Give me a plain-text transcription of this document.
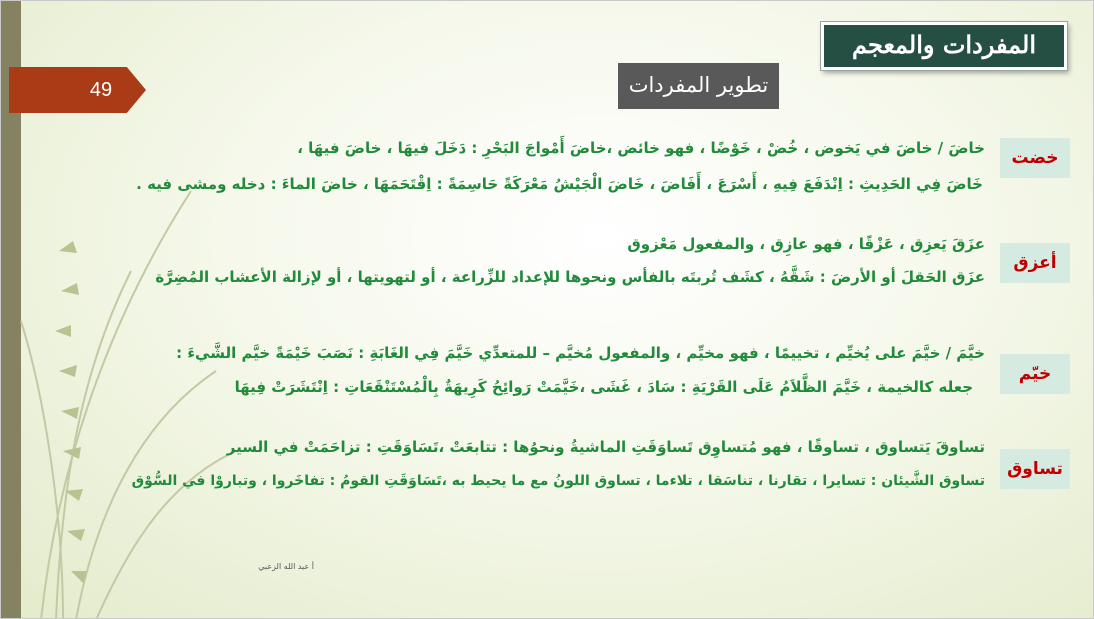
49
المفردات والمعجم
تطوير المفردات
خضت
خاضَ / خاضَ في يَخوض ، خُضْ ، خَوْضًا ، فهو خائض ،خاضَ أَمْواجَ البَحْرِ : دَخَلَ فيهَا ، خاضَ فيهَا ،
خَاضَ فِي الحَدِيثِ : اِنْدَفَعَ فِيهِ ، أَسْرَعَ ، أَفَاضَ ، خَاضَ الْجَيْشُ مَعْرَكَةً حَاسِمَةً : اِقْتَحَمَهَا ، خاضَ الماءَ : دخله ومشى فيه .
أعزق
عزَقَ يَعزِق ، عَزْقًا ، فهو عازِق ، والمفعول مَعْزوق
عزَق الحَقلَ أو الأرضَ : شَقَّهُ ، كشَف تُربتَه بالفأس ونحوها للإعداد للزِّراعة ، أو لتهويتها ، أو لإزالة الأعشاب المُضِرَّة
خيّم
خيَّمَ / خيَّمَ على يُخيِّم ، تخييمًا ، فهو مخيِّم ، والمفعول مُخيَّم – للمتعدِّي خَيَّمَ فِي الغَابَةِ : نَصَبَ خَيْمَةً خيَّم الشَّيءَ :
جعله كالخيمة ، خَيَّمَ الظَّلاَمُ عَلَى القَرْيَةِ : سَادَ ، غَشَى ،خَيَّمَتْ رَوائِحُ كَرِيهَةٌ بِالْمُسْتَنْقَعَاتِ : اِنْتَشَرَتْ فِيهَا
تساوق
تساوقَ يَتساوق ، تساوقًا ، فهو مُتساوِق تَساوَقَتِ الماشيةُ ونحوُها : تتابعَتْ ،تَسَاوَقَتِ : تزاحَمَتْ في السير
تساوق الشَّيئان : تسايرا ، تقارنا ، تناسَقا ، تلاءما ، تساوق اللونُ مع ما يحيط به ،تَسَاوَقَتِ القومُ : تفاخَروا ، وتباروْا في السُّوْق
أ عبد الله الزعبي
